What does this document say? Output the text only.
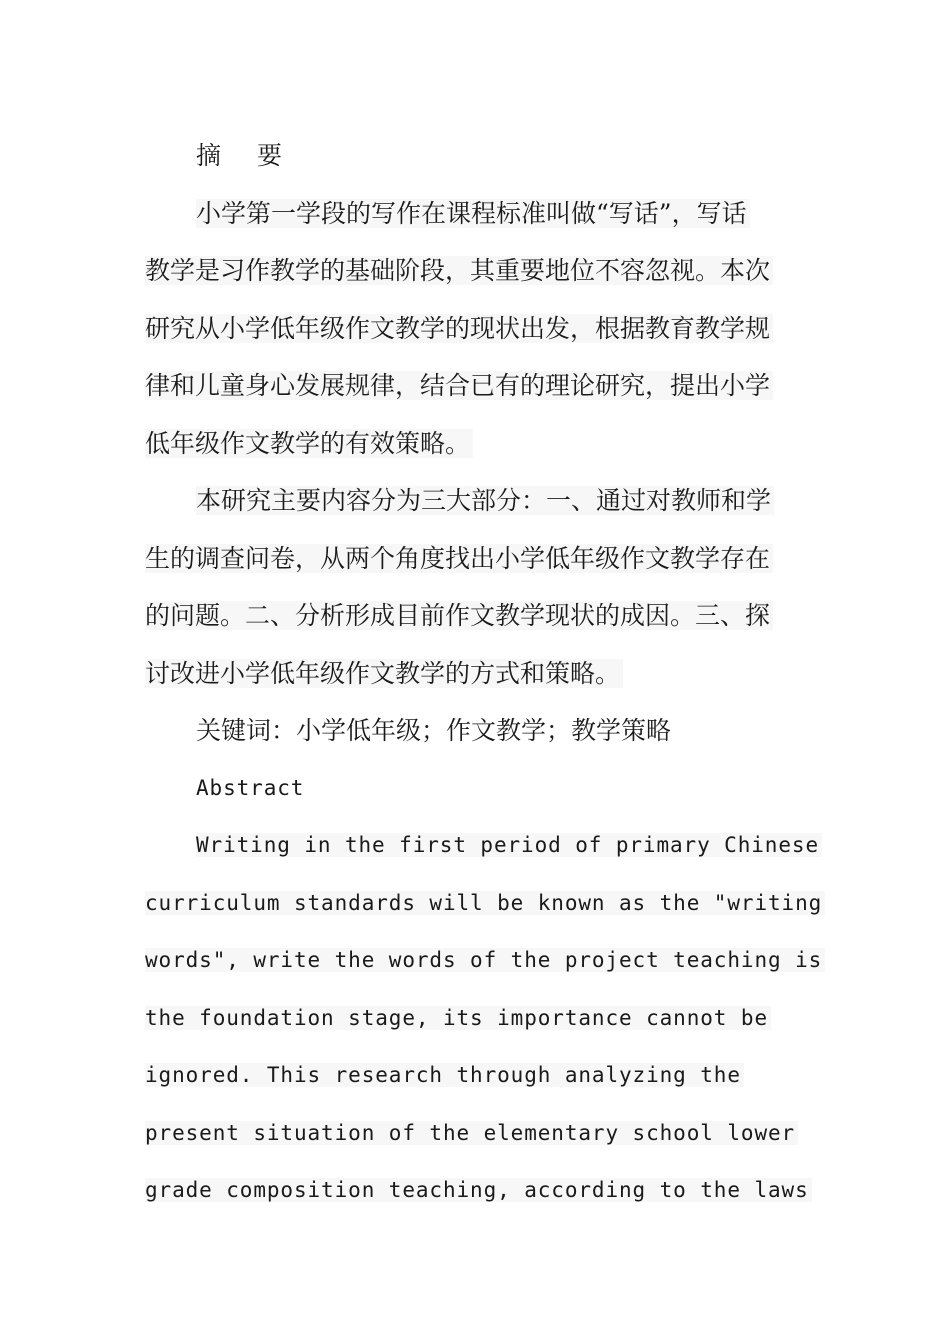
摘 要
小学第一学段的写作在课程标准叫做“写话”，写话
教学是习作教学的基础阶段，其重要地位不容忽视。本次
研究从小学低年级作文教学的现状出发，根据教育教学规
律和儿童身心发展规律，结合已有的理论研究，提出小学
低年级作文教学的有效策略。
本研究主要内容分为三大部分：一、通过对教师和学
生的调查问卷，从两个角度找出小学低年级作文教学存在
的问题。二、分析形成目前作文教学现状的成因。三、探
讨改进小学低年级作文教学的方式和策略。
关键词：小学低年级；作文教学；教学策略
Abstract
Writing in the first period of primary Chinese
curriculum standards will be known as the "writing
words", write the words of the project teaching is
the foundation stage, its importance cannot be
ignored. This research through analyzing the
present situation of the elementary school lower
grade composition teaching, according to the laws
